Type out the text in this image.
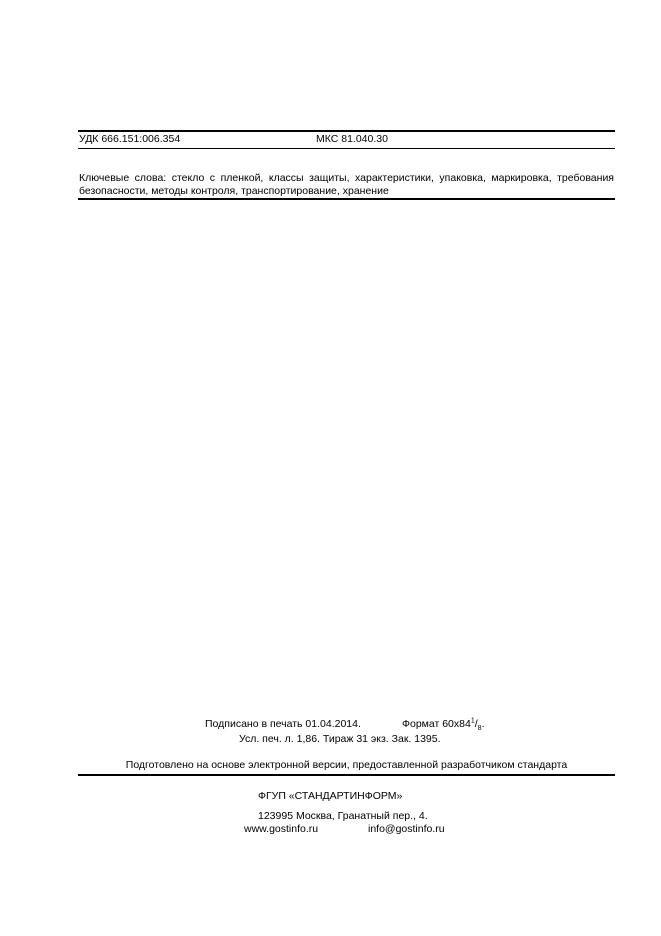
УДК 666.151:006.354	МКС 81.040.30
Ключевые слова: стекло с пленкой, классы защиты, характеристики, упаковка, маркировка, требования безопасности, методы контроля, транспортирование, хранение
Подписано в печать 01.04.2014.	Формат $60х84^1/_8$.
Усл. печ. л. 1,86. Тираж 31 экз. Зак. 1395.
Подготовлено на основе электронной версии, предоставленной разработчиком стандарта
ФГУП «СТАНДАРТИНФОРМ»
123995 Москва, Гранатный пер., 4.
www.gostinfo.ru	info@gostinfo.ru
